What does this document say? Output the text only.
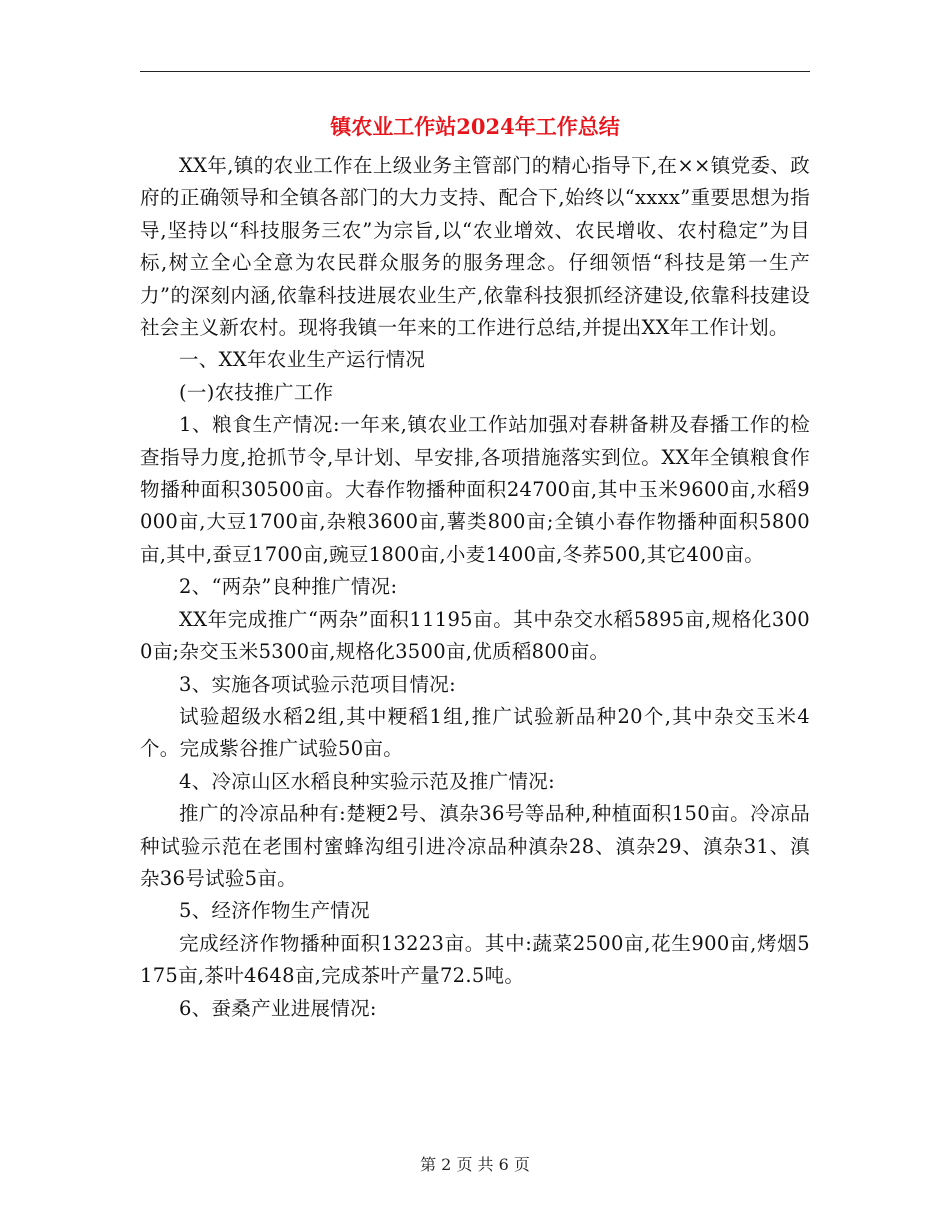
镇农业工作站2024年工作总结

XX年,镇的农业工作在上级业务主管部门的精心指导下,在××镇党委、政府的正确领导和全镇各部门的大力支持、配合下,始终以“xxxx”重要思想为指导,坚持以“科技服务三农”为宗旨,以“农业增效、农民增收、农村稳定”为目标,树立全心全意为农民群众服务的服务理念。仔细领悟“科技是第一生产力”的深刻内涵,依靠科技进展农业生产,依靠科技狠抓经济建设,依靠科技建设社会主义新农村。现将我镇一年来的工作进行总结,并提出XX年工作计划。

一、XX年农业生产运行情况

(一)农技推广工作

1、粮食生产情况:一年来,镇农业工作站加强对春耕备耕及春播工作的检查指导力度,抢抓节令,早计划、早安排,各项措施落实到位。XX年全镇粮食作物播种面积30500亩。大春作物播种面积24700亩,其中玉米9600亩,水稻9000亩,大豆1700亩,杂粮3600亩,薯类800亩;全镇小春作物播种面积5800亩,其中,蚕豆1700亩,豌豆1800亩,小麦1400亩,冬荞500,其它400亩。

2、“两杂”良种推广情况:

XX年完成推广“两杂”面积11195亩。其中杂交水稻5895亩,规格化3000亩;杂交玉米5300亩,规格化3500亩,优质稻800亩。

3、实施各项试验示范项目情况:

试验超级水稻2组,其中粳稻1组,推广试验新品种20个,其中杂交玉米4个。完成紫谷推广试验50亩。

4、冷凉山区水稻良种实验示范及推广情况:

推广的冷凉品种有:楚粳2号、滇杂36号等品种,种植面积150亩。冷凉品种试验示范在老围村蜜蜂沟组引进冷凉品种滇杂28、滇杂29、滇杂31、滇杂36号试验5亩。

5、经济作物生产情况

完成经济作物播种面积13223亩。其中:蔬菜2500亩,花生900亩,烤烟5175亩,茶叶4648亩,完成茶叶产量72.5吨。

6、蚕桑产业进展情况:

第 2 页 共 6 页
